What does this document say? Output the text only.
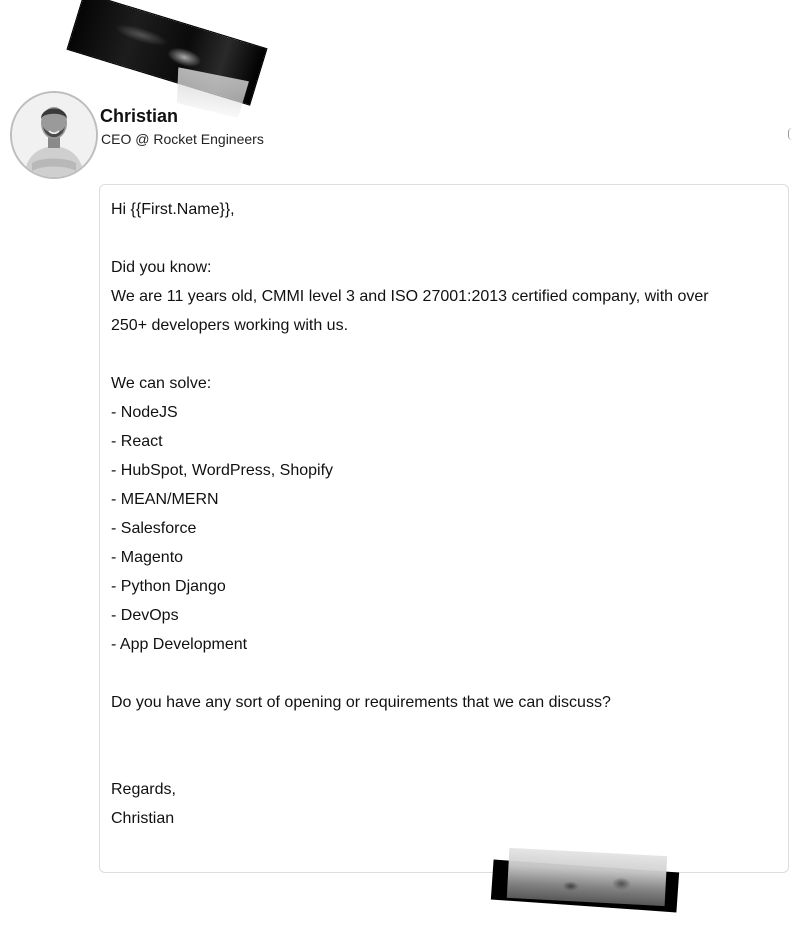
Christian
CEO @ Rocket Engineers
Hi {{First.Name}},
Did you know:
We are 11 years old, CMMI level 3 and ISO 27001:2013 certified company, with over
250+ developers working with us.
We can solve:
- NodeJS
- React
- HubSpot, WordPress, Shopify
- MEAN/MERN
- Salesforce
- Magento
- Python Django
- DevOps
- App Development
Do you have any sort of opening or requirements that we can discuss?
Regards,
Christian
